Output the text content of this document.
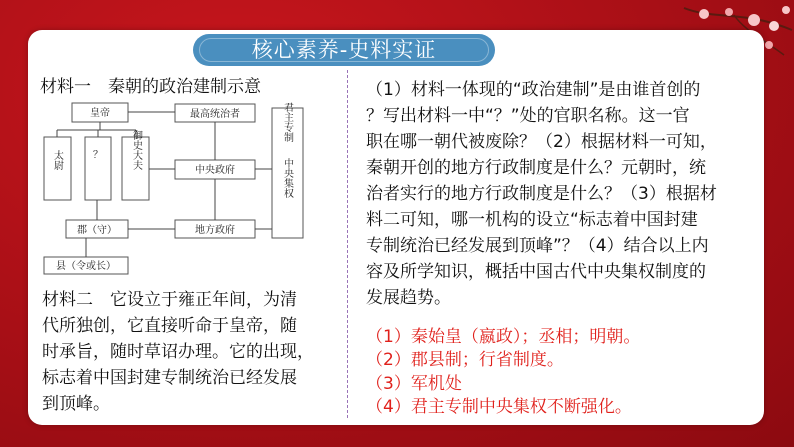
核心素养-史料实证
材料一　秦朝的政治建制示意
皇帝	最高统治者
太尉	？	御史大夫
中央政府
郡（守）	地方政府
县（令或长）
君主专制
中央集权
材料二　它设立于雍正年间，为清
代所独创，它直接听命于皇帝，随
时承旨，随时草诏办理。它的出现，
标志着中国封建专制统治已经发展
到顶峰。
（1）材料一体现的“政治建制”是由谁首创的
？写出材料一中“？”处的官职名称。这一官
职在哪一朝代被废除？（2）根据材料一可知，
秦朝开创的地方行政制度是什么？元朝时，统
治者实行的地方行政制度是什么？（3）根据材
料二可知，哪一机构的设立“标志着中国封建
专制统治已经发展到顶峰”？（4）结合以上内
容及所学知识，概括中国古代中央集权制度的
发展趋势。
（1）秦始皇（嬴政）；丞相；明朝。
（2）郡县制；行省制度。
（3）军机处
（4）君主专制中央集权不断强化。
